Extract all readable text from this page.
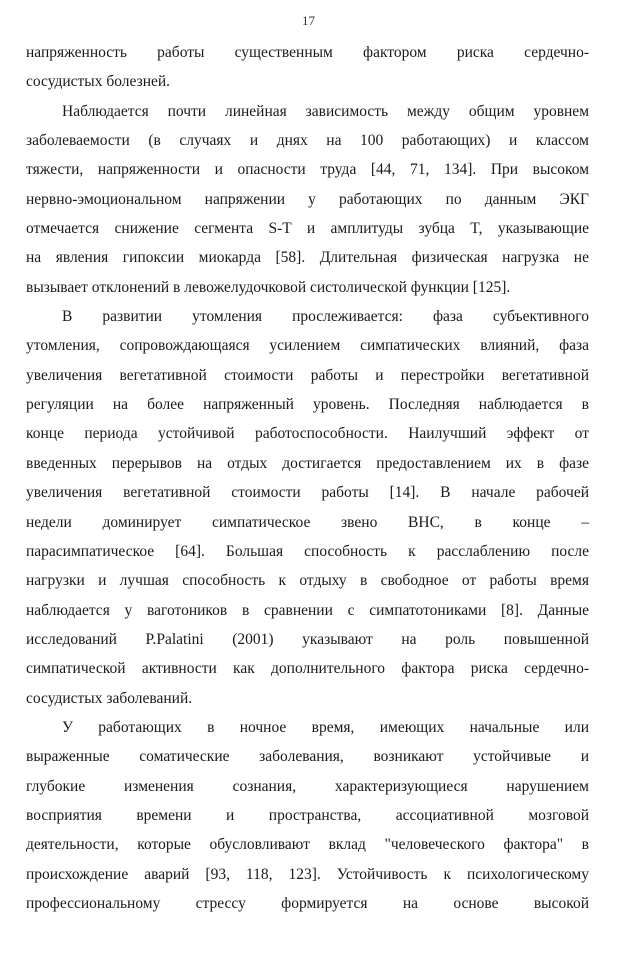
17

напряженность работы существенным фактором риска сердечно-
сосудистых болезней.

Наблюдается почти линейная зависимость между общим уровнем
заболеваемости (в случаях и днях на 100 работающих) и классом
тяжести, напряженности и опасности труда [44, 71, 134]. При высоком
нервно-эмоциональном напряжении у работающих по данным ЭКГ
отмечается снижение сегмента S-T и амплитуды зубца T, указывающие
на явления гипоксии миокарда [58]. Длительная физическая нагрузка не
вызывает отклонений в левожелудочковой систолической функции [125].

В развитии утомления прослеживается: фаза субъективного
утомления, сопровождающаяся усилением симпатических влияний, фаза
увеличения вегетативной стоимости работы и перестройки вегетативной
регуляции на более напряженный уровень. Последняя наблюдается в
конце периода устойчивой работоспособности. Наилучший эффект от
введенных перерывов на отдых достигается предоставлением их в фазе
увеличения вегетативной стоимости работы [14]. В начале рабочей
недели доминирует симпатическое звено ВНС, в конце –
парасимпатическое [64]. Большая способность к расслаблению после
нагрузки и лучшая способность к отдыху в свободное от работы время
наблюдается у ваготоников в сравнении с симпатотониками [8]. Данные
исследований P.Palatini (2001) указывают на роль повышенной
симпатической активности как дополнительного фактора риска сердечно-
сосудистых заболеваний.

У работающих в ночное время, имеющих начальные или
выраженные соматические заболевания, возникают устойчивые и
глубокие изменения сознания, характеризующиеся нарушением
восприятия времени и пространства, ассоциативной мозговой
деятельности, которые обусловливают вклад "человеческого фактора" в
происхождение аварий [93, 118, 123]. Устойчивость к психологическому
профессиональному стрессу формируется на основе высокой
